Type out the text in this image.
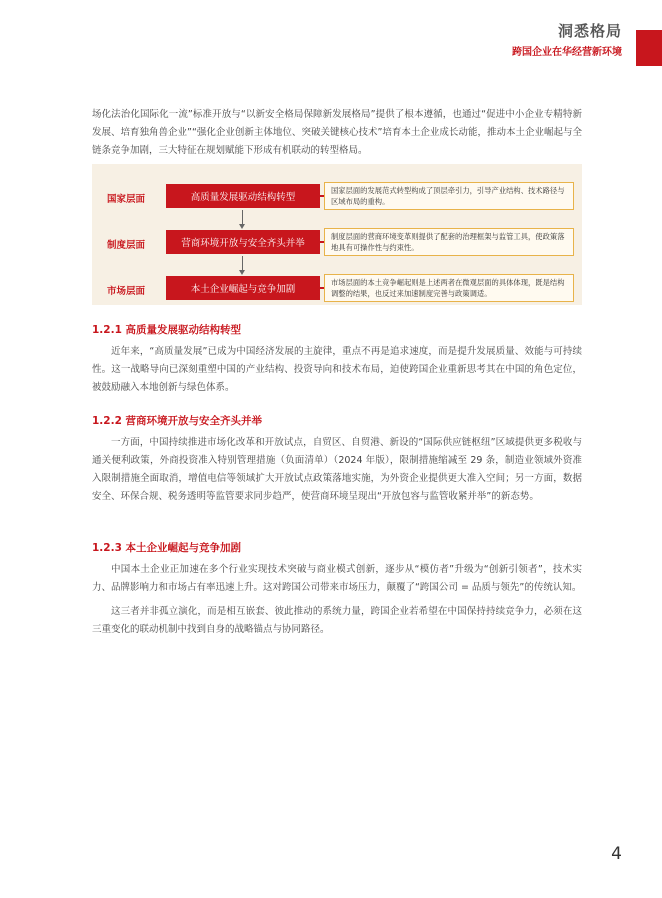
洞悉格局
跨国企业在华经营新环境

场化法治化国际化一流”标准开放与“以新安全格局保障新发展格局”提供了根本遵循，也通过“促进中小企业专精特新发展、培育独角兽企业”“强化企业创新主体地位、突破关键核心技术”培育本土企业成长动能，推动本土企业崛起与全链条竞争加剧，三大特征在规划赋能下形成有机联动的转型格局。

国家层面	高质量发展驱动结构转型
国家层面的发展范式转型构成了顶层牵引力，引导产业结构、技术路径与区域布局的重构。
制度层面	营商环境开放与安全齐头并举
制度层面的营商环境变革则提供了配套的治理框架与监管工具，使政策落地具有可操作性与约束性。
市场层面	本土企业崛起与竞争加剧
市场层面的本土竞争崛起则是上述两者在微观层面的具体体现，既是结构调整的结果，也反过来加速制度完善与政策调适。
1.2.1 高质量发展驱动结构转型

近年来，“高质量发展”已成为中国经济发展的主旋律，重点不再是追求速度，而是提升发展质量、效能与可持续性。这一战略导向已深刻重塑中国的产业结构、投资导向和技术布局，迫使跨国企业重新思考其在中国的角色定位，被鼓励融入本地创新与绿色体系。

1.2.2 营商环境开放与安全齐头并举

一方面，中国持续推进市场化改革和开放试点，自贸区、自贸港、新设的“国际供应链枢纽”区域提供更多税收与通关便利政策，外商投资准入特别管理措施（负面清单）（2024 年版），限制措施缩减至 29 条，制造业领域外资准入限制措施全面取消，增值电信等领域扩大开放试点政策落地实施，为外资企业提供更大准入空间；另一方面，数据安全、环保合规、税务透明等监管要求同步趋严，使营商环境呈现出“开放包容与监管收紧并举”的新态势。

1.2.3 本土企业崛起与竞争加剧

中国本土企业正加速在多个行业实现技术突破与商业模式创新，逐步从“模仿者”升级为“创新引领者”，技术实力、品牌影响力和市场占有率迅速上升。这对跨国公司带来市场压力，颠覆了“跨国公司 = 品质与领先”的传统认知。

这三者并非孤立演化，而是相互嵌套、彼此推动的系统力量，跨国企业若希望在中国保持持续竞争力，必须在这三重变化的联动机制中找到自身的战略锚点与协同路径。

4
